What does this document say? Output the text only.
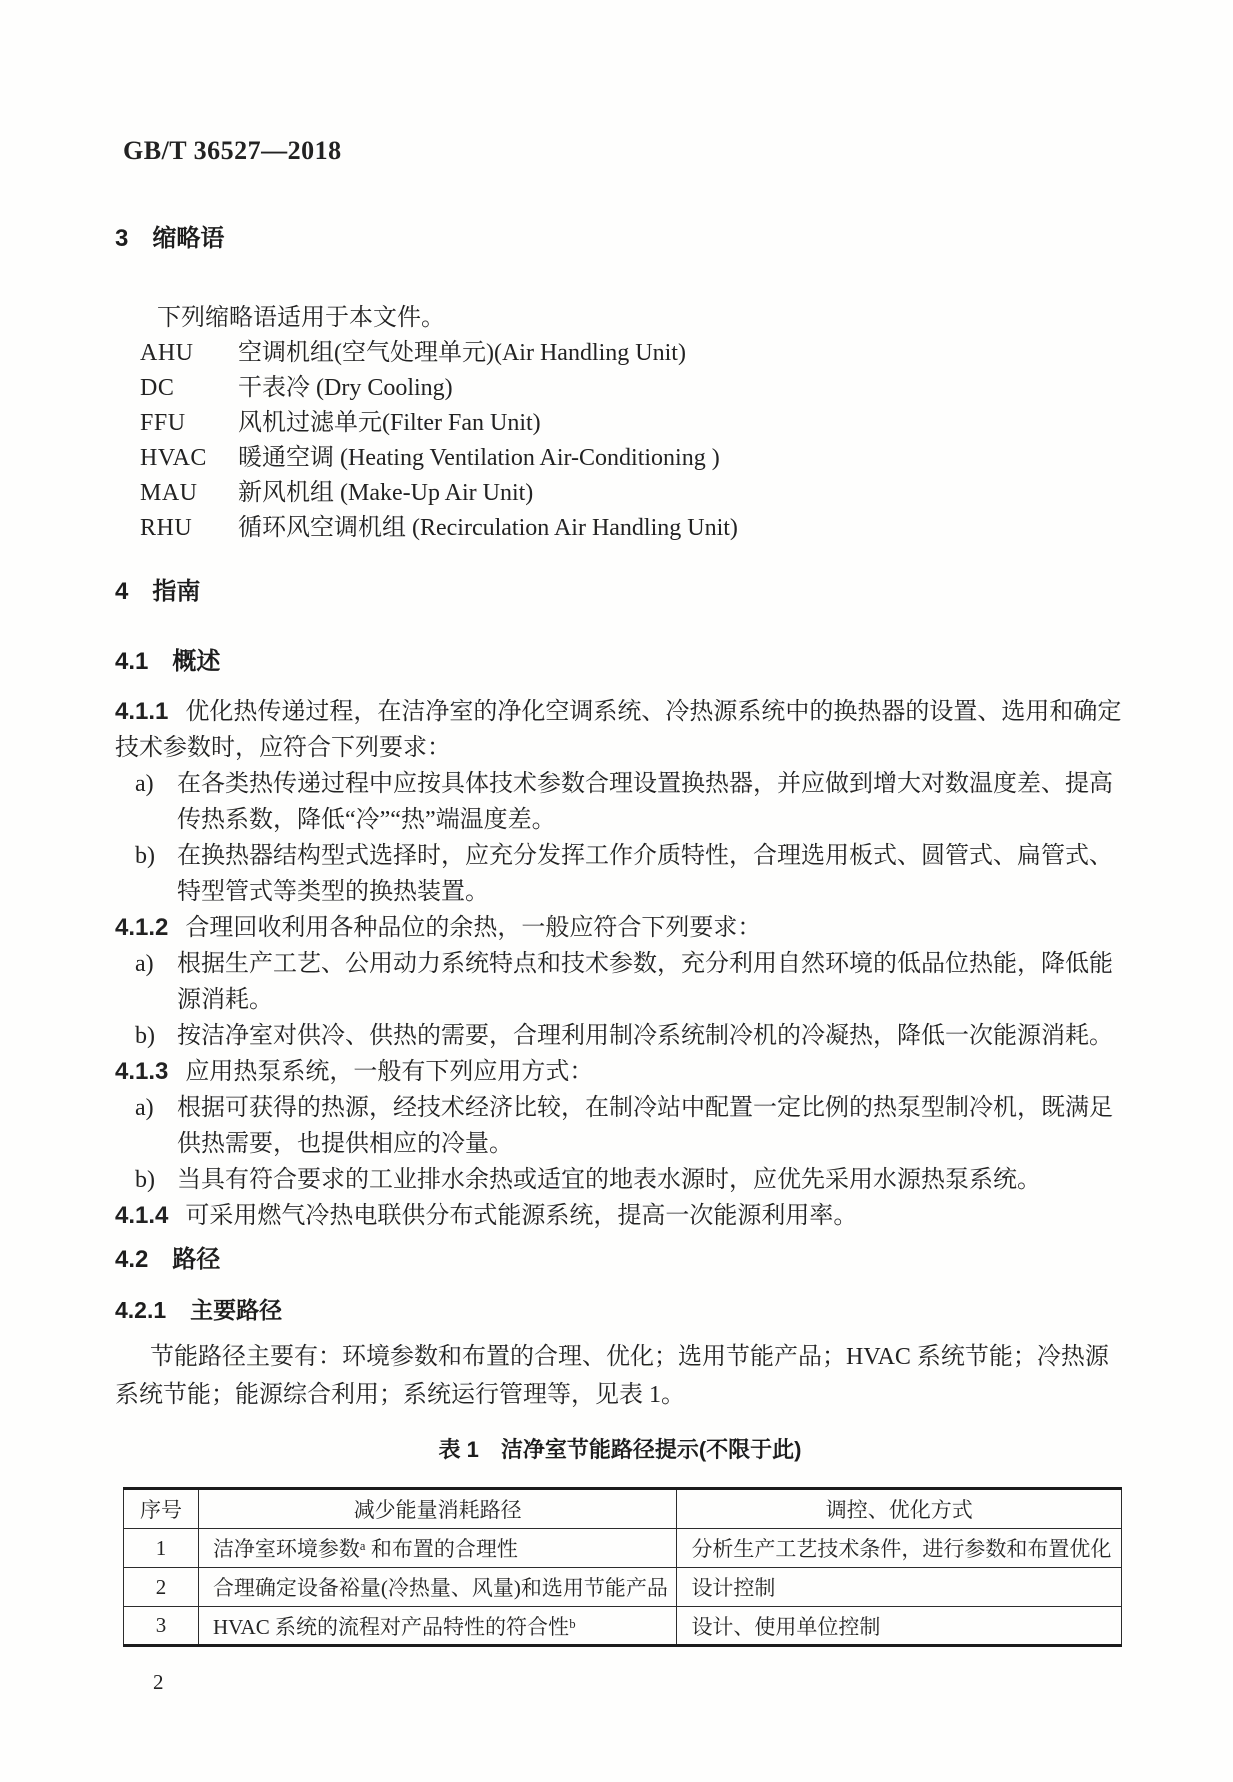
GB/T 36527—2018
3 缩略语
下列缩略语适用于本文件。
AHU 空调机组(空气处理单元)(Air Handling Unit)
DC	干表冷 (Dry Cooling)
FFU 风机过滤单元(Filter Fan Unit)
HVAC 暖通空调 (Heating Ventilation Air-Conditioning )
MAU 新风机组 (Make-Up Air Unit)
RHU 循环风空调机组 (Recirculation Air Handling Unit)
4 指南
4.1 概述

4.1.1 优化热传递过程，在洁净室的净化空调系统、冷热源系统中的换热器的设置、选用和确定技术参数时，应符合下列要求：

a) 在各类热传递过程中应按具体技术参数合理设置换热器，并应做到增大对数温度差、提高传热系数，降低“冷”“热”端温度差。
b) 在换热器结构型式选择时，应充分发挥工作介质特性，合理选用板式、圆管式、扁管式、特型管式等类型的换热装置。

4.1.2 合理回收利用各种品位的余热，一般应符合下列要求：

a) 根据生产工艺、公用动力系统特点和技术参数，充分利用自然环境的低品位热能，降低能源消耗。
b) 按洁净室对供冷、供热的需要，合理利用制冷系统制冷机的冷凝热，降低一次能源消耗。

4.1.3 应用热泵系统，一般有下列应用方式：

a) 根据可获得的热源，经技术经济比较，在制冷站中配置一定比例的热泵型制冷机，既满足供热需要，也提供相应的冷量。
b) 当具有符合要求的工业排水余热或适宜的地表水源时，应优先采用水源热泵系统。

4.1.4 可采用燃气冷热电联供分布式能源系统，提高一次能源利用率。

4.2 路径
4.2.1 主要路径

节能路径主要有：环境参数和布置的合理、优化；选用节能产品；HVAC 系统节能；冷热源系统节能；能源综合利用；系统运行管理等，见表 1。

表 1　洁净室节能路径提示(不限于此)
序号	减少能量消耗路径	调控、优化方式
1	洁净室环境参数ᵃ 和布置的合理性	分析生产工艺技术条件，进行参数和布置优化
2	合理确定设备裕量(冷热量、风量)和选用节能产品	设计控制
3	HVAC 系统的流程对产品特性的符合性ᵇ	设计、使用单位控制
2
